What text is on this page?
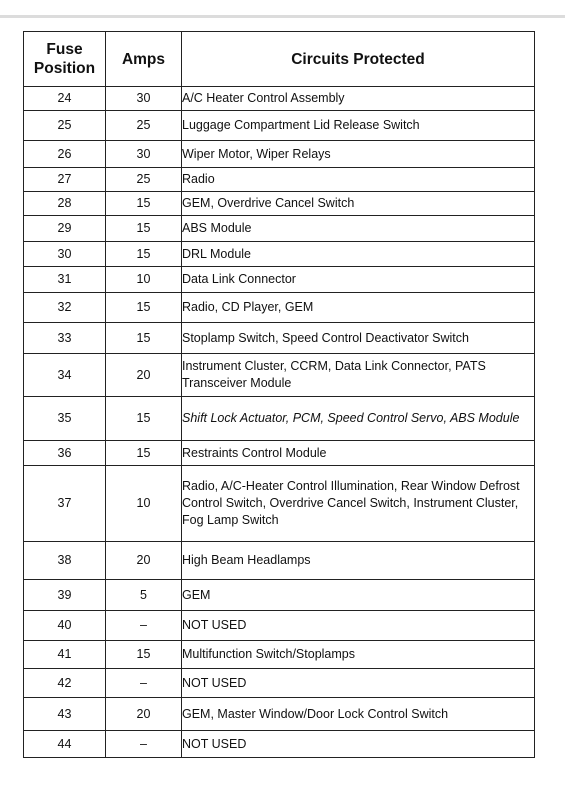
Fuse
Position	Amps	Circuits Protected
24	30	A/C Heater Control Assembly
25	25	Luggage Compartment Lid Release Switch
26	30	Wiper Motor, Wiper Relays
27	25	Radio
28	15	GEM, Overdrive Cancel Switch
29	15	ABS Module
30	15	DRL Module
31	10	Data Link Connector
32	15	Radio, CD Player, GEM
33	15	Stoplamp Switch, Speed Control Deactivator Switch
34	20	Instrument Cluster, CCRM, Data Link Connector, PATS Transceiver Module
35	15	Shift Lock Actuator, PCM, Speed Control Servo, ABS Module
36	15	Restraints Control Module
37	10	Radio, A/C-Heater Control Illumination, Rear Window Defrost Control Switch, Overdrive Cancel Switch, Instrument Cluster, Fog Lamp Switch
38	20	High Beam Headlamps
39	5	GEM
40	–	NOT USED
41	15	Multifunction Switch/Stoplamps
42	–	NOT USED
43	20	GEM, Master Window/Door Lock Control Switch
44	–	NOT USED
